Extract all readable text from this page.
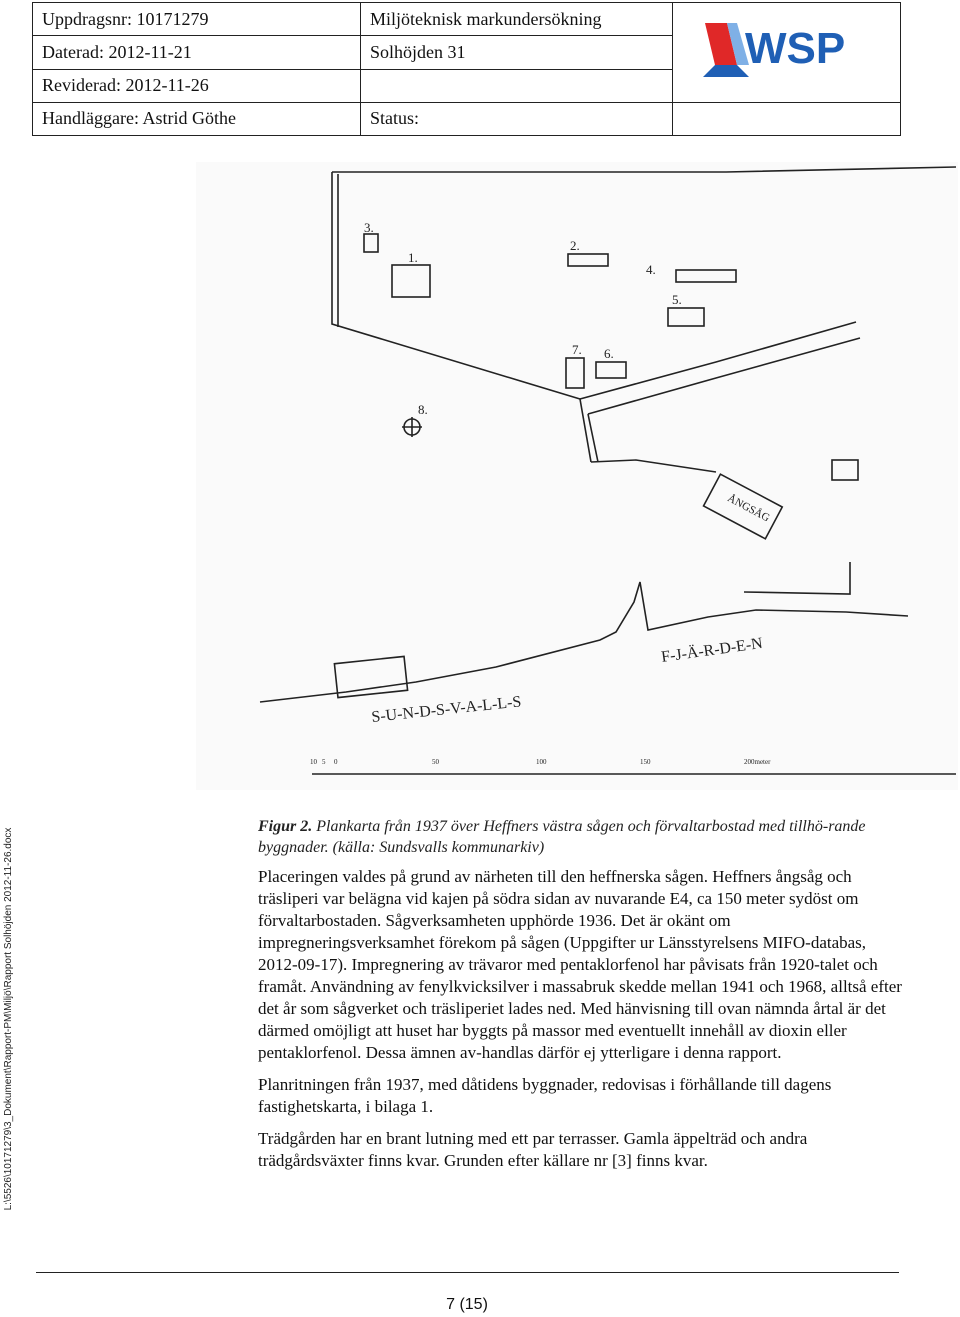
Uppdragsnr: 10171279	Miljöteknisk markundersökning	WSP

Daterad: 2012-11-21	Solhöjden 31	
Reviderad: 2012-11-26		
Handläggare: Astrid Göthe	Status:	
L:\5526\10171279\3_Dokument\Rapport-PM\Miljö\Rapport Solhöjden 2012-11-26.docx
3.
1.
2.
4.
5.
7. 6.
8.
ÅNGSÅG
F-J-Ä-R-D-E-N
S-U-N-D-S-V-A-L-L-S
10 5 0	50	100	150	200meter
Figur 2. Plankarta från 1937 över Heffners västra sågen och förvaltarbostad med tillhö-rande byggnader. (källa: Sundsvalls kommunarkiv)

Placeringen valdes på grund av närheten till den heffnerska sågen. Heffners ångsåg och träsliperi var belägna vid kajen på södra sidan av nuvarande E4, ca 150 meter sydöst om förvaltarbostaden. Sågverksamheten upphörde 1936. Det är okänt om impregneringsverksamhet förekom på sågen (Uppgifter ur Länsstyrelsens MIFO-databas, 2012-09-17). Impregnering av trävaror med pentaklorfenol har påvisats från 1920-talet och framåt. Användning av fenylkvicksilver i massabruk skedde mellan 1941 och 1968, alltså efter det år som sågverket och träsliperiet lades ned. Med hänvisning till ovan nämnda årtal är det därmed omöjligt att huset har byggts på massor med eventuellt innehåll av dioxin eller pentaklorfenol. Dessa ämnen av-handlas därför ej ytterligare i denna rapport.

Planritningen från 1937, med dåtidens byggnader, redovisas i förhållande till dagens fastighetskarta, i bilaga 1.

Trädgården har en brant lutning med ett par terrasser. Gamla äppelträd och andra trädgårdsväxter finns kvar. Grunden efter källare nr [3] finns kvar.

7 (15)
